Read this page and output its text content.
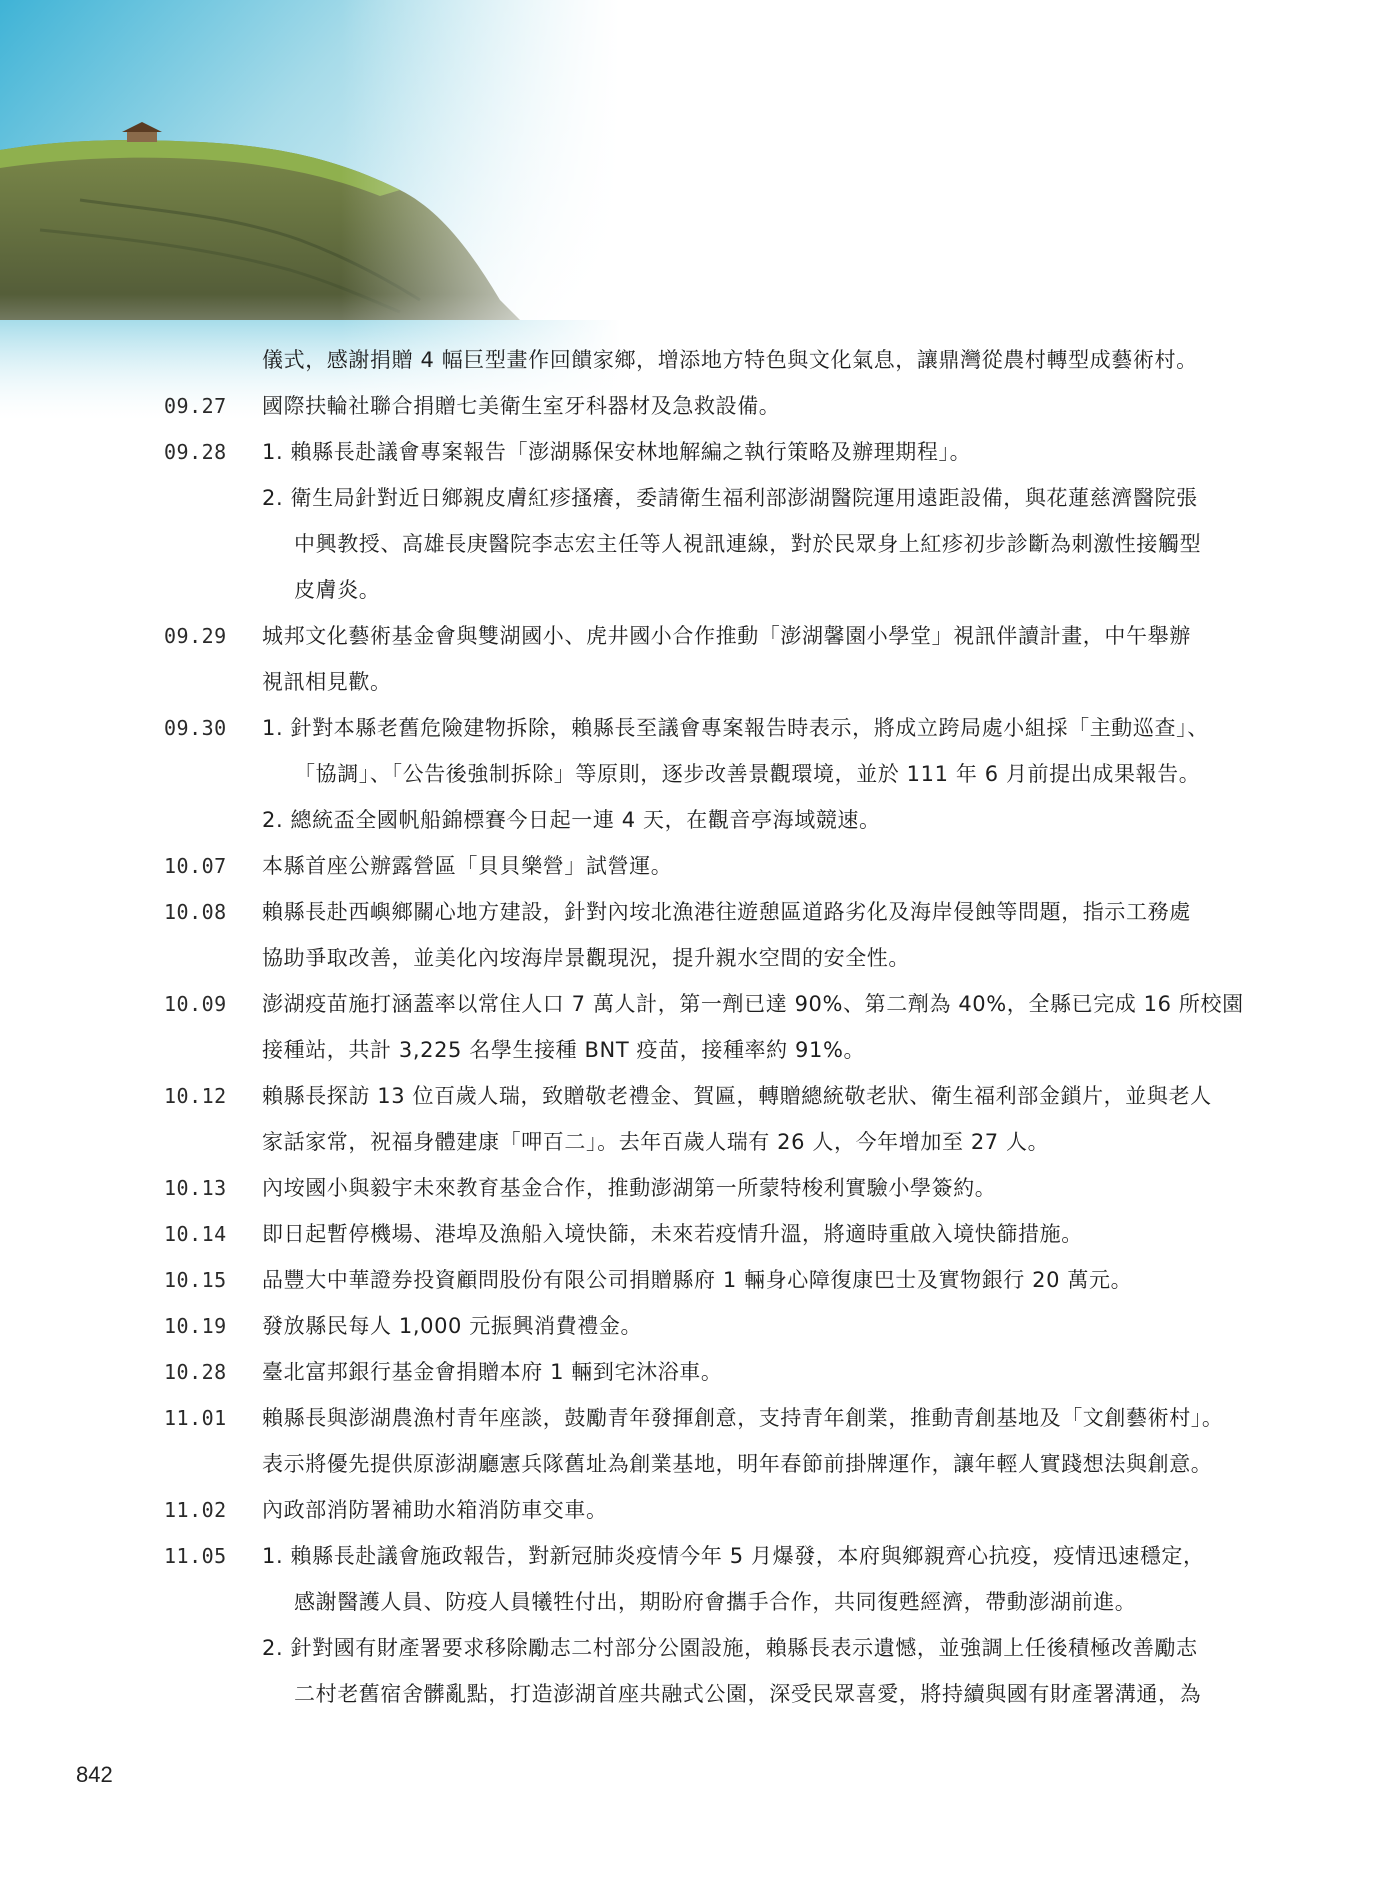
儀式，感謝捐贈 4 幅巨型畫作回饋家鄉，增添地方特色與文化氣息，讓鼎灣從農村轉型成藝術村。
09.27	國際扶輪社聯合捐贈七美衛生室牙科器材及急救設備。
09.28	1. 賴縣長赴議會專案報告「澎湖縣保安林地解編之執行策略及辦理期程」。
2. 衛生局針對近日鄉親皮膚紅疹搔癢，委請衛生福利部澎湖醫院運用遠距設備，與花蓮慈濟醫院張
中興教授、高雄長庚醫院李志宏主任等人視訊連線，對於民眾身上紅疹初步診斷為刺激性接觸型
皮膚炎。
09.29	城邦文化藝術基金會與雙湖國小、虎井國小合作推動「澎湖馨園小學堂」視訊伴讀計畫，中午舉辦
視訊相見歡。
09.30	1. 針對本縣老舊危險建物拆除，賴縣長至議會專案報告時表示，將成立跨局處小組採「主動巡查」、
「協調」、「公告後強制拆除」等原則，逐步改善景觀環境，並於 111 年 6 月前提出成果報告。
2. 總統盃全國帆船錦標賽今日起一連 4 天，在觀音亭海域競速。
10.07	本縣首座公辦露營區「貝貝樂營」試營運。
10.08	賴縣長赴西嶼鄉關心地方建設，針對內垵北漁港往遊憩區道路劣化及海岸侵蝕等問題，指示工務處
協助爭取改善，並美化內垵海岸景觀現況，提升親水空間的安全性。
10.09	澎湖疫苗施打涵蓋率以常住人口 7 萬人計，第一劑已達 90%、第二劑為 40%，全縣已完成 16 所校園
接種站，共計 3,225 名學生接種 BNT 疫苗，接種率約 91%。
10.12	賴縣長探訪 13 位百歲人瑞，致贈敬老禮金、賀匾，轉贈總統敬老狀、衛生福利部金鎖片，並與老人
家話家常，祝福身體建康「呷百二」。去年百歲人瑞有 26 人，今年增加至 27 人。
10.13	內垵國小與毅宇未來教育基金合作，推動澎湖第一所蒙特梭利實驗小學簽約。
10.14	即日起暫停機場、港埠及漁船入境快篩，未來若疫情升溫，將適時重啟入境快篩措施。
10.15	品豐大中華證券投資顧問股份有限公司捐贈縣府 1 輛身心障復康巴士及實物銀行 20 萬元。
10.19	發放縣民每人 1,000 元振興消費禮金。
10.28	臺北富邦銀行基金會捐贈本府 1 輛到宅沐浴車。
11.01	賴縣長與澎湖農漁村青年座談，鼓勵青年發揮創意，支持青年創業，推動青創基地及「文創藝術村」。
表示將優先提供原澎湖廳憲兵隊舊址為創業基地，明年春節前掛牌運作，讓年輕人實踐想法與創意。
11.02	內政部消防署補助水箱消防車交車。
11.05	1. 賴縣長赴議會施政報告，對新冠肺炎疫情今年 5 月爆發，本府與鄉親齊心抗疫，疫情迅速穩定，
感謝醫護人員、防疫人員犧牲付出，期盼府會攜手合作，共同復甦經濟，帶動澎湖前進。
2. 針對國有財產署要求移除勵志二村部分公園設施，賴縣長表示遺憾，並強調上任後積極改善勵志
二村老舊宿舍髒亂點，打造澎湖首座共融式公園，深受民眾喜愛，將持續與國有財產署溝通，為
842
